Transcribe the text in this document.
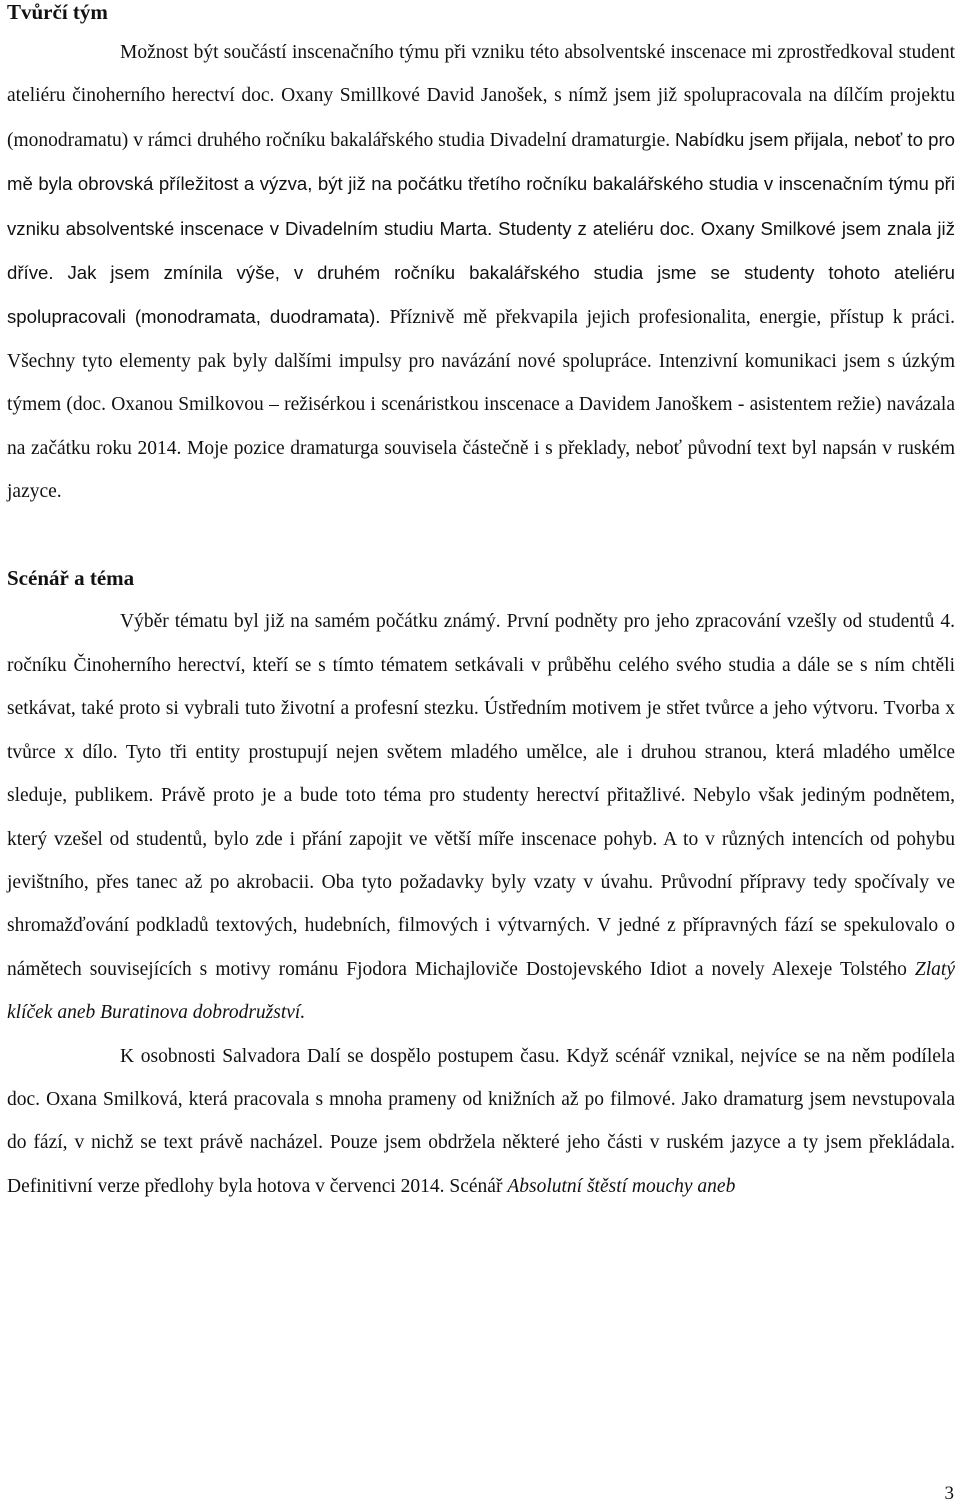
Tvůrčí tým

Možnost být součástí inscenačního týmu při vzniku této absolventské inscenace mi zprostředkoval student ateliéru činoherního herectví doc. Oxany Smillkové David Janošek, s nímž jsem již spolupracovala na dílčím projektu (monodramatu) v rámci druhého ročníku bakalářského studia Divadelní dramaturgie. Nabídku jsem přijala, neboť to pro mě byla obrovská příležitost a výzva, být již na počátku třetího ročníku bakalářského studia v inscenačním týmu při vzniku absolventské inscenace v Divadelním studiu Marta. Studenty z ateliéru doc. Oxany Smilkové jsem znala již dříve. Jak jsem zmínila výše, v druhém ročníku bakalářského studia jsme se studenty tohoto ateliéru spolupracovali (monodramata, duodramata). Příznivě mě překvapila jejich profesionalita, energie, přístup k práci. Všechny tyto elementy pak byly dalšími impulsy pro navázání nové spolupráce. Intenzivní komunikaci jsem s úzkým týmem (doc. Oxanou Smilkovou – režisérkou i scenáristkou inscenace a Davidem Janoškem - asistentem režie) navázala na začátku roku 2014. Moje pozice dramaturga souvisela částečně i s překlady, neboť původní text byl napsán v ruském jazyce.

Scénář a téma

Výběr tématu byl již na samém počátku známý. První podněty pro jeho zpracování vzešly od studentů 4. ročníku Činoherního herectví, kteří se s tímto tématem setkávali v průběhu celého svého studia a dále se s ním chtěli setkávat, také proto si vybrali tuto životní a profesní stezku. Ústředním motivem je střet tvůrce a jeho výtvoru. Tvorba x tvůrce x dílo. Tyto tři entity prostupují nejen světem mladého umělce, ale i druhou stranou, která mladého umělce sleduje, publikem. Právě proto je a bude toto téma pro studenty herectví přitažlivé. Nebylo však jediným podnětem, který vzešel od studentů, bylo zde i přání zapojit ve větší míře inscenace pohyb. A to v různých intencích od pohybu jevištního, přes tanec až po akrobacii. Oba tyto požadavky byly vzaty v úvahu. Průvodní přípravy tedy spočívaly ve shromažďování podkladů textových, hudebních, filmových i výtvarných. V jedné z přípravných fází se spekulovalo o námětech souvisejících s motivy románu Fjodora Michajloviče Dostojevského Idiot a novely Alexeje Tolstého Zlatý klíček aneb Buratinova dobrodružství.

K osobnosti Salvadora Dalí se dospělo postupem času. Když scénář vznikal, nejvíce se na něm podílela doc. Oxana Smilková, která pracovala s mnoha prameny od knižních až po filmové. Jako dramaturg jsem nevstupovala do fází, v nichž se text právě nacházel. Pouze jsem obdržela některé jeho části v ruském jazyce a ty jsem překládala. Definitivní verze předlohy byla hotova v červenci 2014. Scénář Absolutní štěstí mouchy aneb

3
